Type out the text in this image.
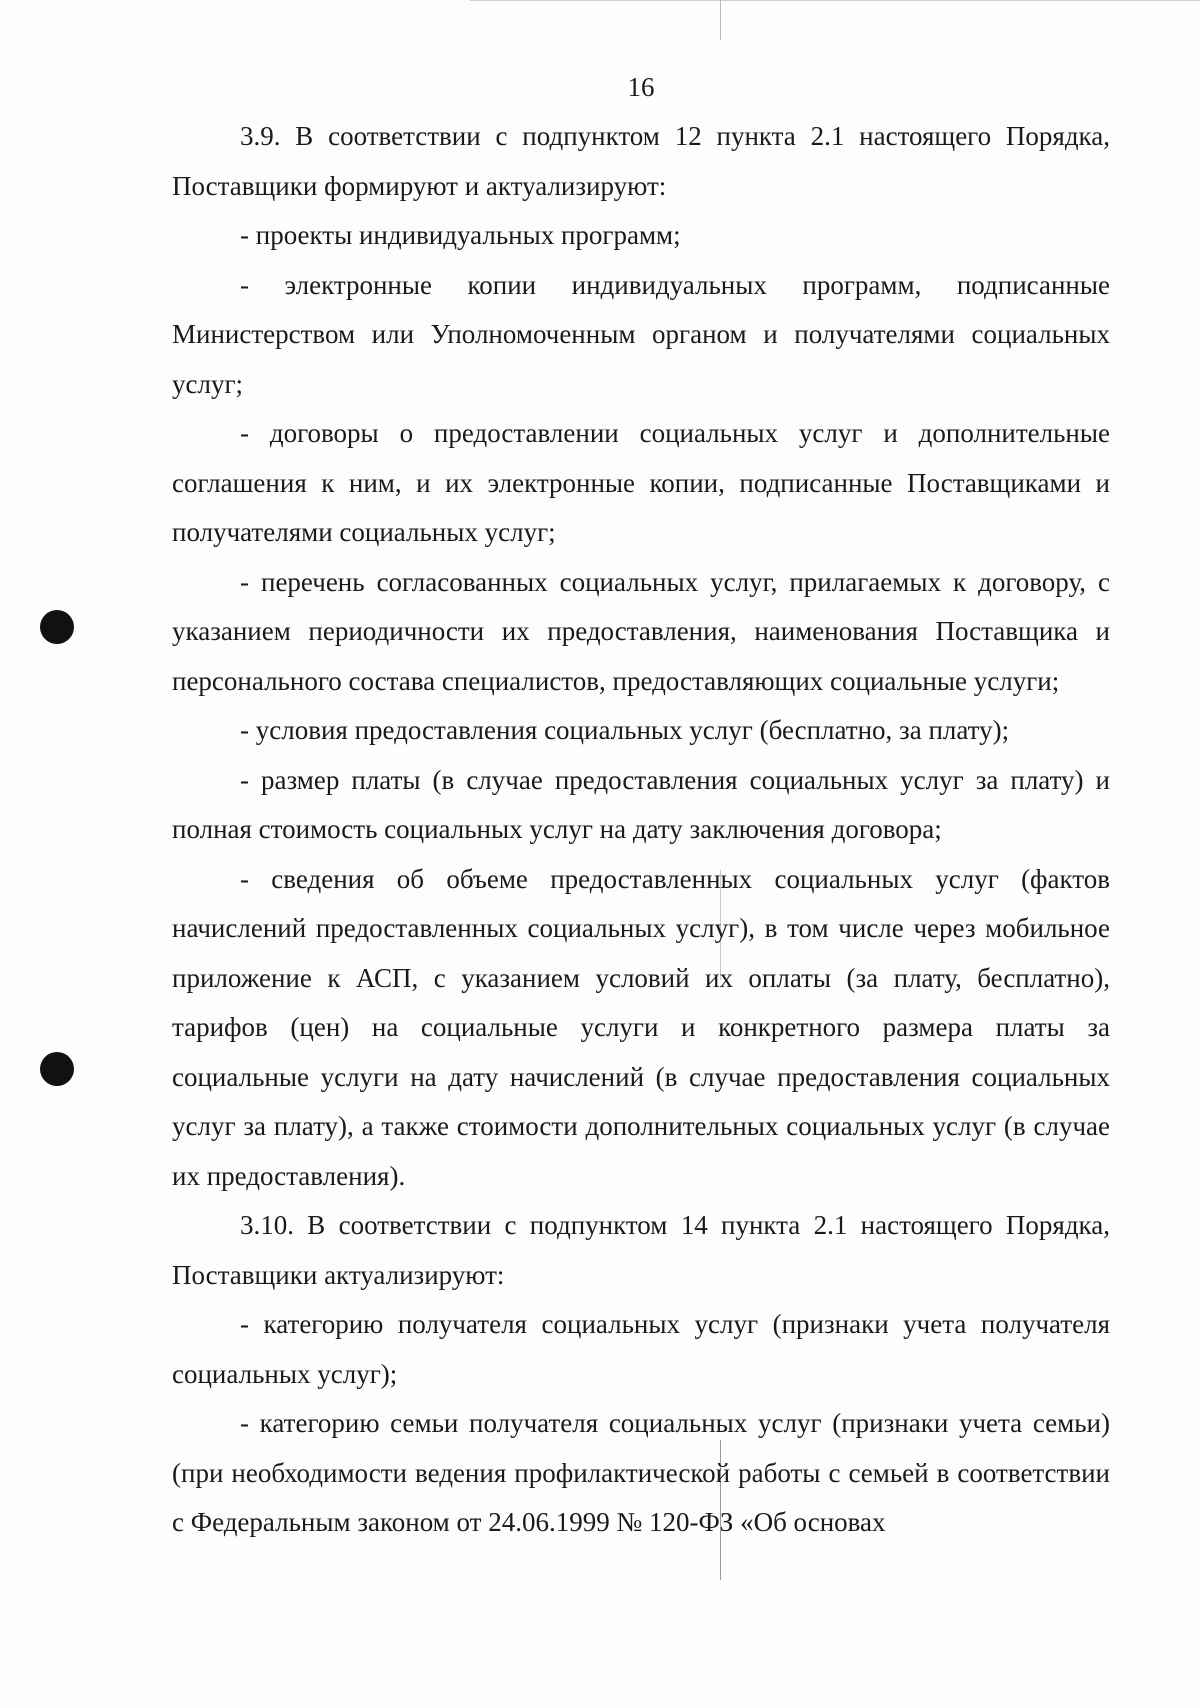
16

3.9. В соответствии с подпунктом 12 пункта 2.1 настоящего Порядка, Поставщики формируют и актуализируют:

- проекты индивидуальных программ;

- электронные копии индивидуальных программ, подписанные Министерством или Уполномоченным органом и получателями социальных услуг;

- договоры о предоставлении социальных услуг и дополнительные соглашения к ним, и их электронные копии, подписанные Поставщиками и получателями социальных услуг;

- перечень согласованных социальных услуг, прилагаемых к договору, с указанием периодичности их предоставления, наименования Поставщика и персонального состава специалистов, предоставляющих социальные услуги;

- условия предоставления социальных услуг (бесплатно, за плату);

- размер платы (в случае предоставления социальных услуг за плату) и полная стоимость социальных услуг на дату заключения договора;

- сведения об объеме предоставленных социальных услуг (фактов начислений предоставленных социальных услуг), в том числе через мобильное приложение к АСП, с указанием условий их оплаты (за плату, бесплатно), тарифов (цен) на социальные услуги и конкретного размера платы за социальные услуги на дату начислений (в случае предоставления социальных услуг за плату), а также стоимости дополнительных социальных услуг (в случае их предоставления).

3.10. В соответствии с подпунктом 14 пункта 2.1 настоящего Порядка, Поставщики актуализируют:

- категорию получателя социальных услуг (признаки учета получателя социальных услуг);

- категорию семьи получателя социальных услуг (признаки учета семьи) (при необходимости ведения профилактической работы с семьей в соответствии с Федеральным законом от 24.06.1999 № 120-ФЗ «Об основах
